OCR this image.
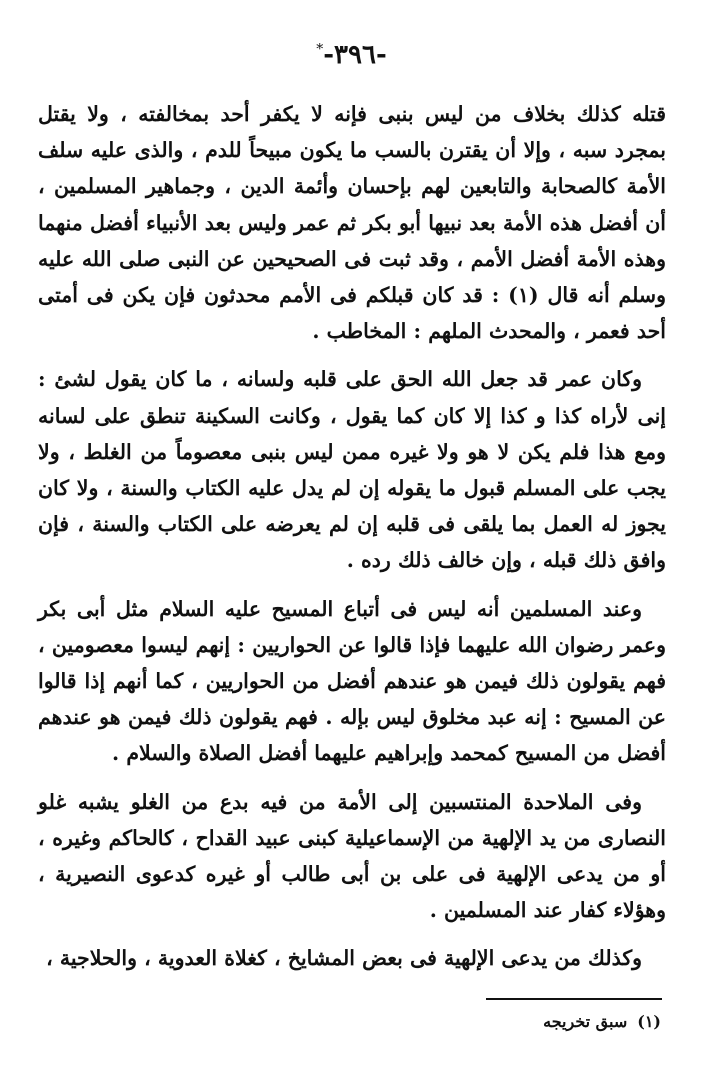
-٣٩٦-*

قتله كذلك بخلاف من ليس بنبى فإنه لا يكفر أحد بمخالفته ، ولا يقتل بمجرد سبه ، وإلا أن يقترن بالسب ما يكون مبيحاً للدم ، والذى عليه سلف الأمة كالصحابة والتابعين لهم بإحسان وأئمة الدين ، وجماهير المسلمين ، أن أفضل هذه الأمة بعد نبيها أبو بكر ثم عمر وليس بعد الأنبياء أفضل منهما وهذه الأمة أفضل الأمم ، وقد ثبت فى الصحيحين عن النبى صلى الله عليه وسلم أنه قال (١) : قد كان قبلكم فى الأمم محدثون فإن يكن فى أمتى أحد فعمر ، والمحدث الملهم : المخاطب .

وكان عمر قد جعل الله الحق على قلبه ولسانه ، ما كان يقول لشئ : إنى لأراه كذا و كذا إلا كان كما يقول ، وكانت السكينة تنطق على لسانه ومع هذا فلم يكن لا هو ولا غيره ممن ليس بنبى معصوماً من الغلط ، ولا يجب على المسلم قبول ما يقوله إن لم يدل عليه الكتاب والسنة ، ولا كان يجوز له العمل بما يلقى فى قلبه إن لم يعرضه على الكتاب والسنة ، فإن وافق ذلك قبله ، وإن خالف ذلك رده .

وعند المسلمين أنه ليس فى أتباع المسيح عليه السلام مثل أبى بكر وعمر رضوان الله عليهما فإذا قالوا عن الحواريين : إنهم ليسوا معصومين ، فهم يقولون ذلك فيمن هو عندهم أفضل من الحواريين ، كما أنهم إذا قالوا عن المسيح : إنه عبد مخلوق ليس بإله . فهم يقولون ذلك فيمن هو عندهم أفضل من المسيح كمحمد وإبراهيم عليهما أفضل الصلاة والسلام .

وفى الملاحدة المنتسبين إلى الأمة من فيه بدع من الغلو يشبه غلو النصارى من يد الإلهية من الإسماعيلية كبنى عبيد القداح ، كالحاكم وغيره ، أو من يدعى الإلهية فى على بن أبى طالب أو غيره كدعوى النصيرية ، وهؤلاء كفار عند المسلمين .

وكذلك من يدعى الإلهية فى بعض المشايخ ، كغلاة العدوية ، والحلاجية ،

(١)سبق تخريجه
